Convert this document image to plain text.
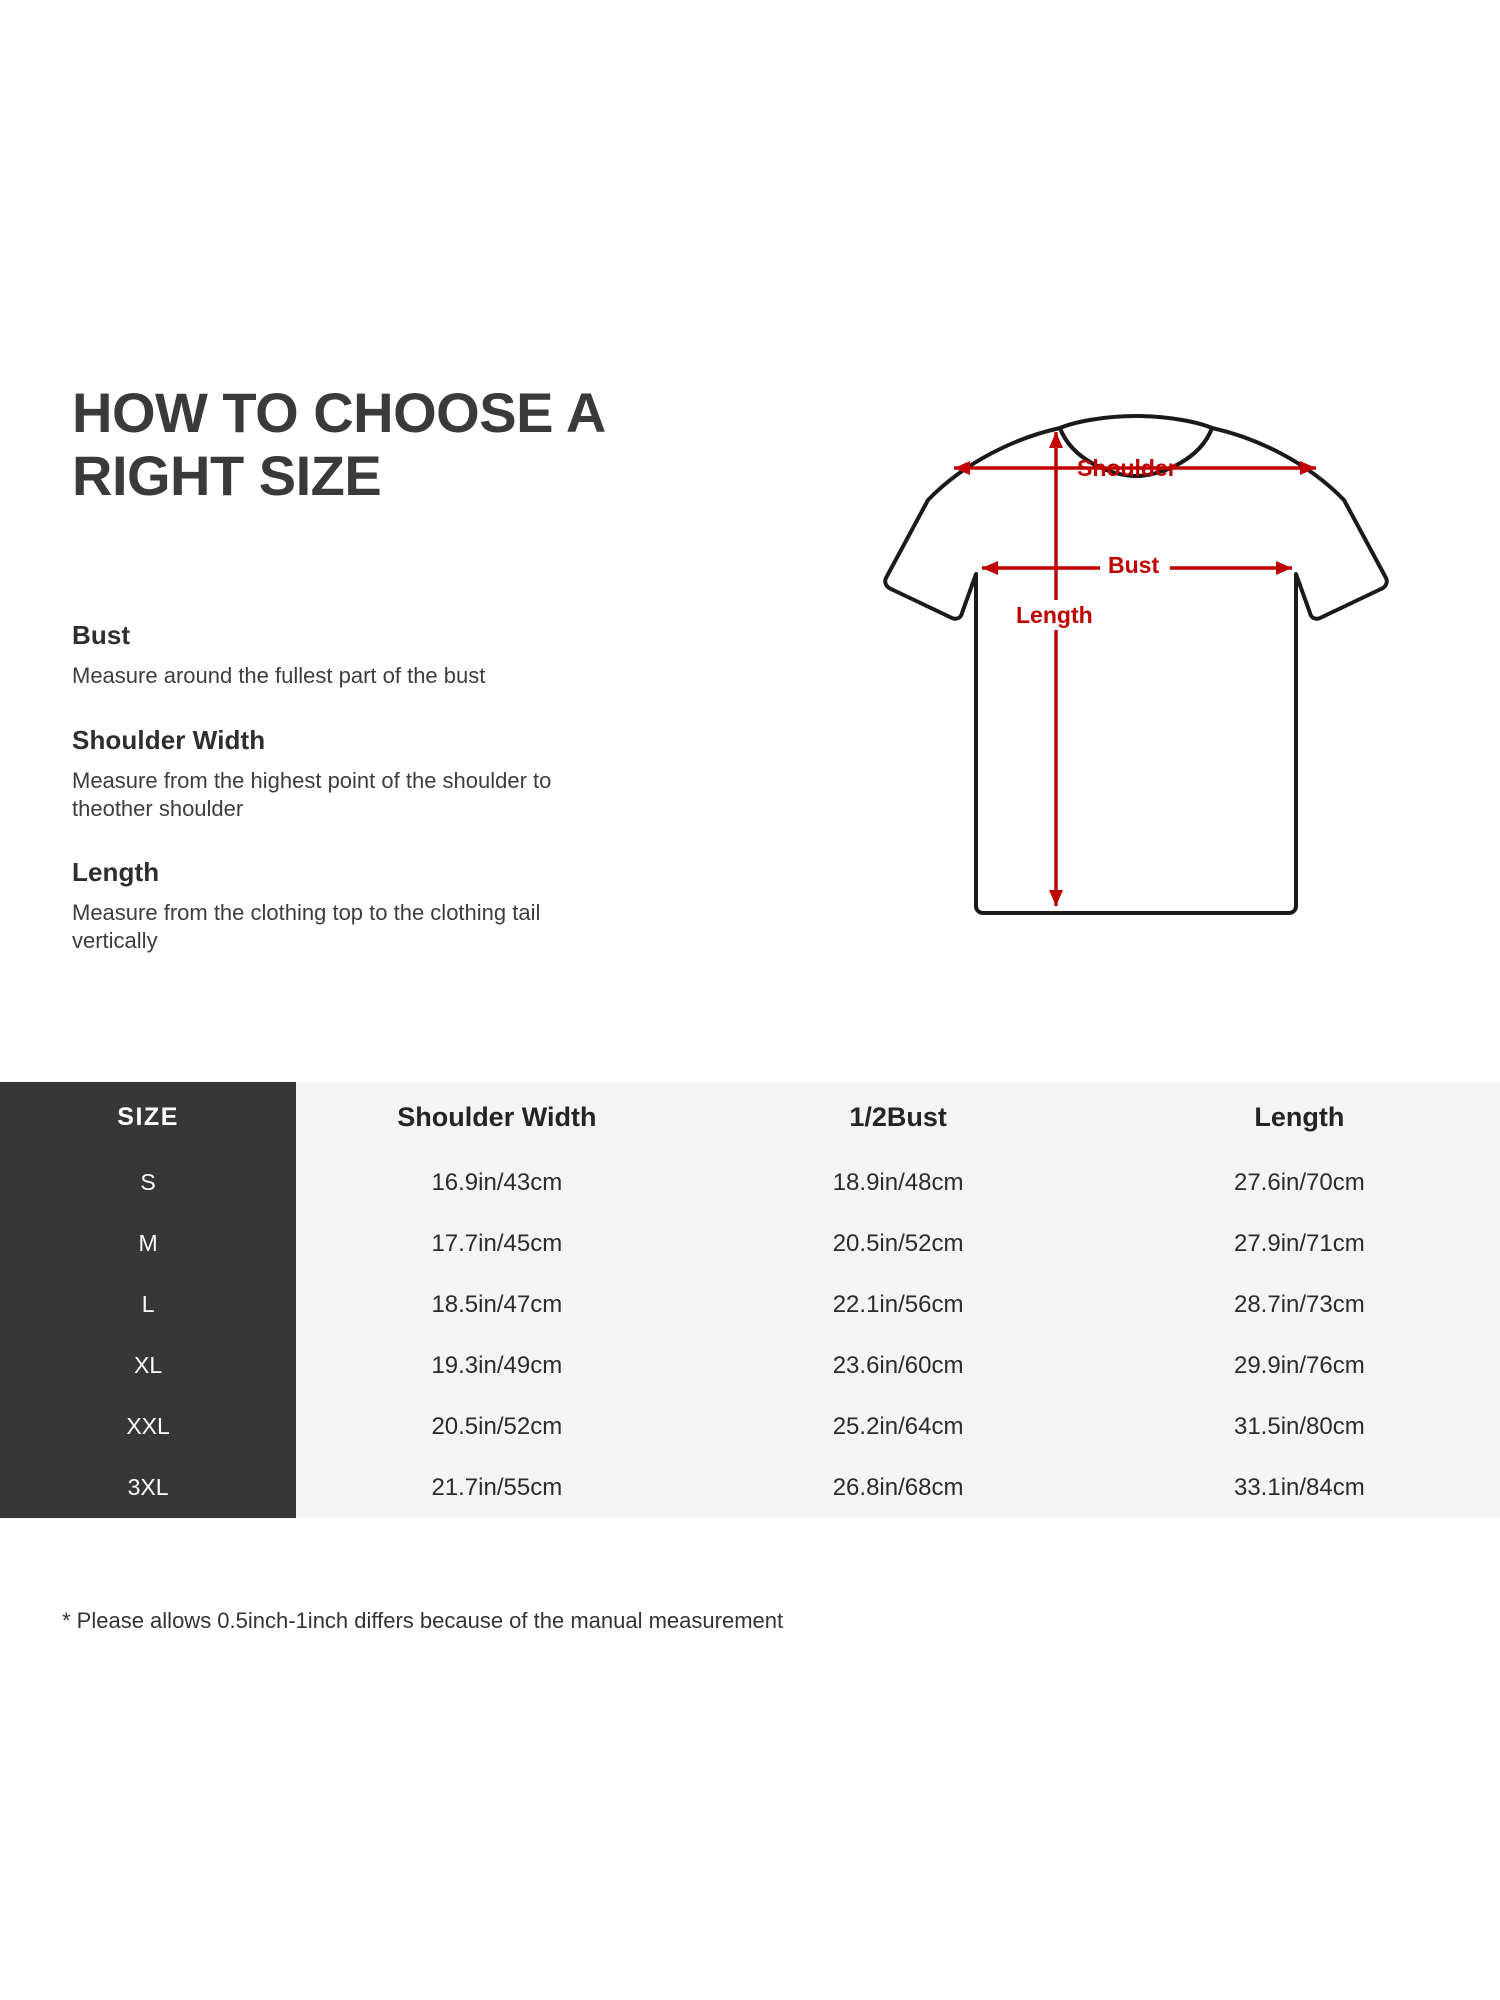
HOW TO CHOOSE A RIGHT SIZE
Bust
Measure around the fullest part of the bust
Shoulder Width
Measure from the highest point of the shoulder to theother shoulder
Length
Measure from the clothing top to the clothing tail vertically
Shoulder
Bust
Length
SIZE	Shoulder Width	1/2Bust	Length
S	16.9in/43cm	18.9in/48cm	27.6in/70cm
M	17.7in/45cm	20.5in/52cm	27.9in/71cm
L	18.5in/47cm	22.1in/56cm	28.7in/73cm
XL	19.3in/49cm	23.6in/60cm	29.9in/76cm
XXL	20.5in/52cm	25.2in/64cm	31.5in/80cm
3XL	21.7in/55cm	26.8in/68cm	33.1in/84cm
* Please allows 0.5inch-1inch differs because of the manual measurement
